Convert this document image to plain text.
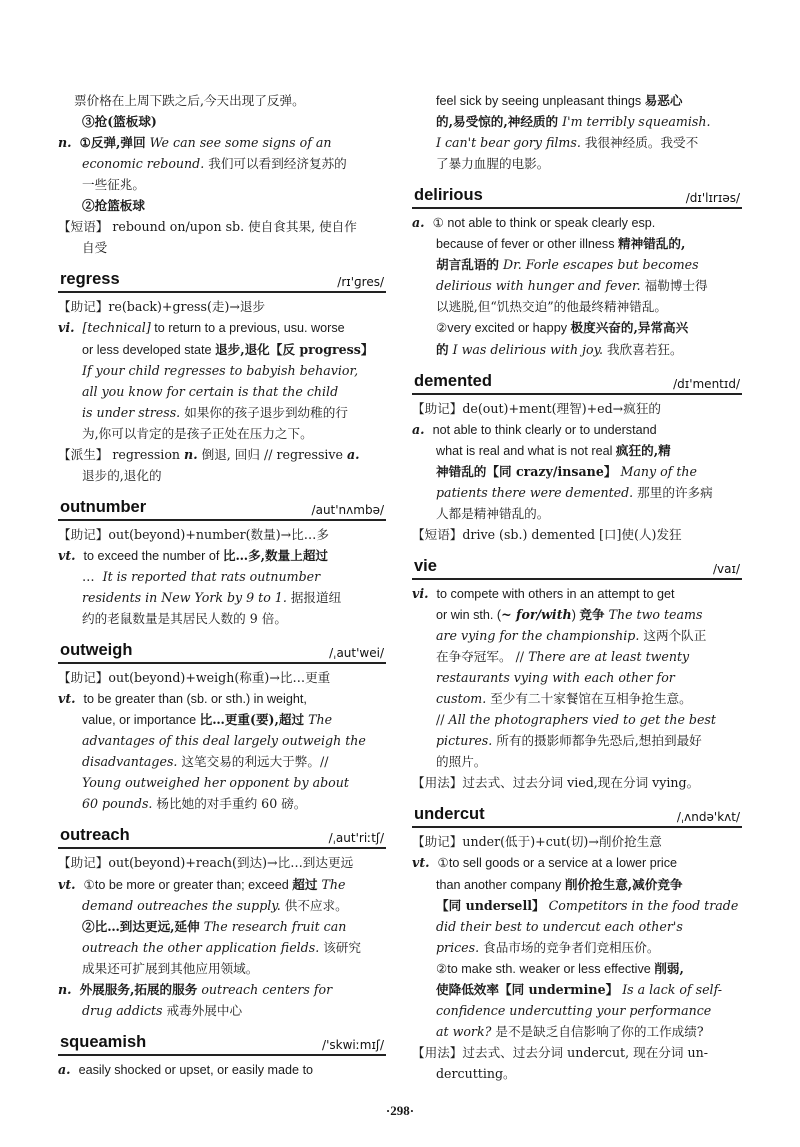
票价格在上周下跌之后,今天出现了反弹。
③抢(篮板球)
n. ①反弹,弹回 We can see some signs of an
economic rebound. 我们可以看到经济复苏的
一些征兆。
②抢篮板球
【短语】 rebound on/upon sb. 使自食其果, 使自作
自受
regress	/rɪ'ɡres/
【助记】re(back)+gress(走)→退步
vi. [technical] to return to a previous, usu. worse
or less developed state 退步,退化【反 progress】
If your child regresses to babyish behavior,
all you know for certain is that the child
is under stress. 如果你的孩子退步到幼稚的行
为,你可以肯定的是孩子正处在压力之下。
【派生】 regression n. 倒退, 回归 // regressive a.
退步的,退化的
outnumber	/aut'nʌmbə/
【助记】out(beyond)+number(数量)→比…多
vt. to exceed the number of 比…多,数量上超过
…  It is reported that rats outnumber
residents in New York by 9 to 1. 据报道纽
约的老鼠数量是其居民人数的 9 倍。
outweigh	/ˌaut'wei/
【助记】out(beyond)+weigh(称重)→比…更重
vt. to be greater than (sb. or sth.) in weight,
value, or importance 比…更重(要),超过 The
advantages of this deal largely outweigh the
disadvantages. 这笔交易的利远大于弊。//
Young outweighed her opponent by about
60 pounds. 杨比她的对手重约 60 磅。
outreach	/ˌaut'riːtʃ/
【助记】out(beyond)+reach(到达)→比…到达更远
vt. ①to be more or greater than; exceed 超过 The
demand outreaches the supply. 供不应求。
②比…到达更远,延伸 The research fruit can
outreach the other application fields. 该研究
成果还可扩展到其他应用领域。
n. 外展服务,拓展的服务 outreach centers for
drug addicts 戒毒外展中心
squeamish	/'skwiːmɪʃ/
a. easily shocked or upset, or easily made to
feel sick by seeing unpleasant things 易恶心
的,易受惊的,神经质的 I'm terribly squeamish.
I can't bear gory films. 我很神经质。我受不
了暴力血腥的电影。
delirious	/dɪ'lɪrɪəs/
a. ① not able to think or speak clearly esp.
because of fever or other illness 精神错乱的,
胡言乱语的 Dr. Forle escapes but becomes
delirious with hunger and fever. 福勒博士得
以逃脱,但“饥热交迫”的他最终精神错乱。
②very excited or happy 极度兴奋的,异常高兴
的 I was delirious with joy. 我欣喜若狂。
demented	/dɪ'mentɪd/
【助记】de(out)+ment(理智)+ed→疯狂的
a. not able to think clearly or to understand
what is real and what is not real 疯狂的,精
神错乱的【同 crazy/insane】 Many of the
patients there were demented. 那里的许多病
人都是精神错乱的。
【短语】drive (sb.) demented [口]使(人)发狂
vie	/vaɪ/
vi. to compete with others in an attempt to get
or win sth. (~ for/with) 竞争 The two teams
are vying for the championship. 这两个队正
在争夺冠军。 // There are at least twenty
restaurants vying with each other for
custom. 至少有二十家餐馆在互相争抢生意。
// All the photographers vied to get the best
pictures. 所有的摄影师都争先恐后,想拍到最好
的照片。
【用法】过去式、过去分词 vied,现在分词 vying。
undercut	/ˌʌndə'kʌt/
【助记】under(低于)+cut(切)→削价抢生意
vt. ①to sell goods or a service at a lower price
than another company 削价抢生意,减价竞争
【同 undersell】 Competitors in the food trade
did their best to undercut each other's
prices. 食品市场的竞争者们竞相压价。
②to make sth. weaker or less effective 削弱,
使降低效率【同 undermine】 Is a lack of self-
confidence undercutting your performance
at work? 是不是缺乏自信影响了你的工作成绩?
【用法】过去式、过去分词 undercut, 现在分词 un-
dercutting。
·298·
